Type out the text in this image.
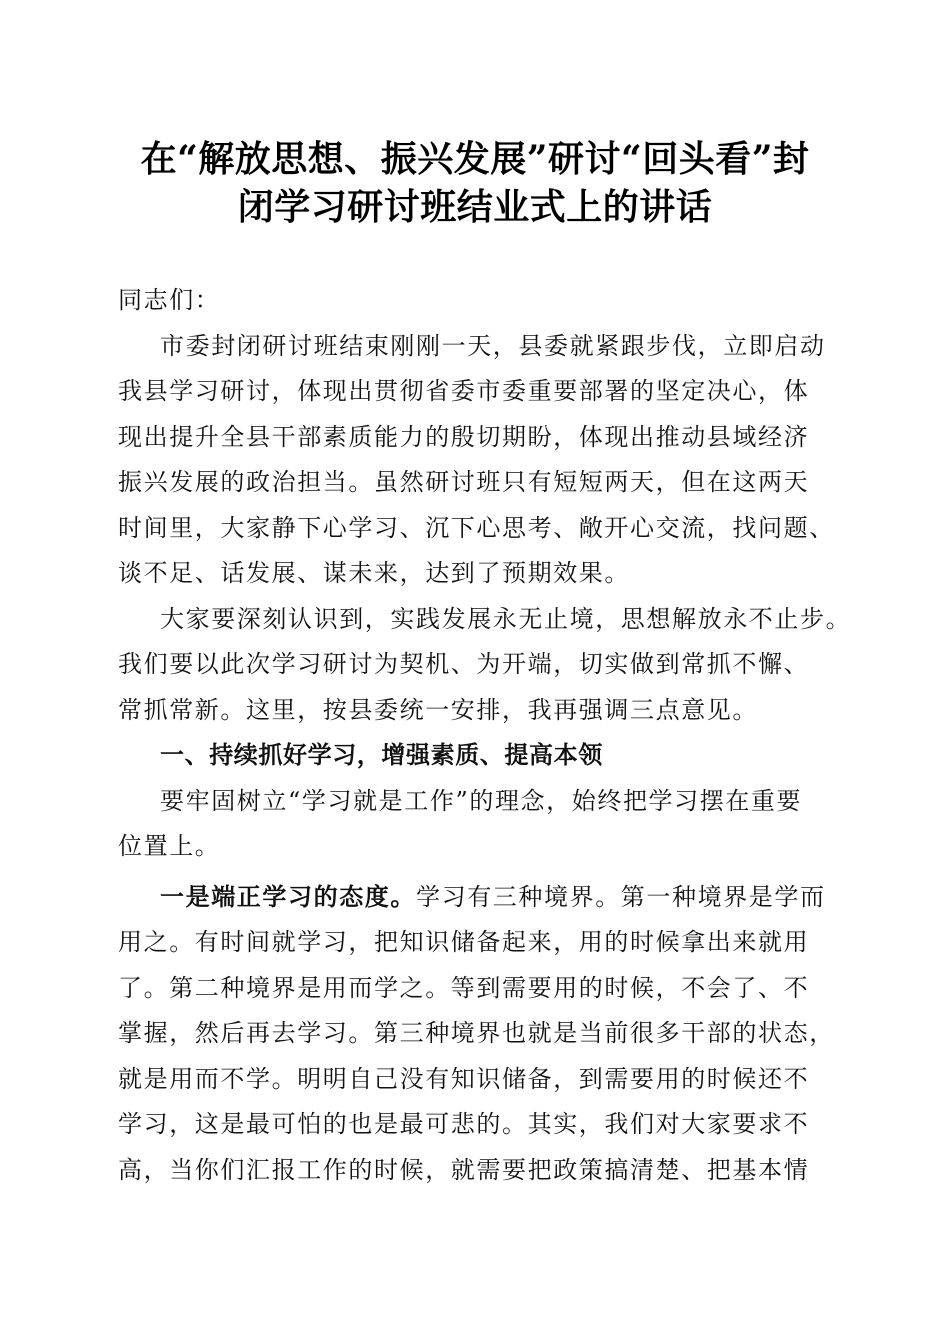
在“解放思想、振兴发展”研讨“回头看”封
闭学习研讨班结业式上的讲话

同志们：

市委封闭研讨班结束刚刚一天，县委就紧跟步伐，立即启动
我县学习研讨，体现出贯彻省委市委重要部署的坚定决心，体
现出提升全县干部素质能力的殷切期盼，体现出推动县域经济
振兴发展的政治担当。虽然研讨班只有短短两天，但在这两天
时间里，大家静下心学习、沉下心思考、敞开心交流，找问题、
谈不足、话发展、谋未来，达到了预期效果。

大家要深刻认识到，实践发展永无止境，思想解放永不止步。
我们要以此次学习研讨为契机、为开端，切实做到常抓不懈、
常抓常新。这里，按县委统一安排，我再强调三点意见。

一、持续抓好学习，增强素质、提高本领

要牢固树立“学习就是工作”的理念，始终把学习摆在重要
位置上。

一是端正学习的态度。学习有三种境界。第一种境界是学而
用之。有时间就学习，把知识储备起来，用的时候拿出来就用
了。第二种境界是用而学之。等到需要用的时候，不会了、不
掌握，然后再去学习。第三种境界也就是当前很多干部的状态，
就是用而不学。明明自己没有知识储备，到需要用的时候还不
学习，这是最可怕的也是最可悲的。其实，我们对大家要求不
高，当你们汇报工作的时候，就需要把政策搞清楚、把基本情
